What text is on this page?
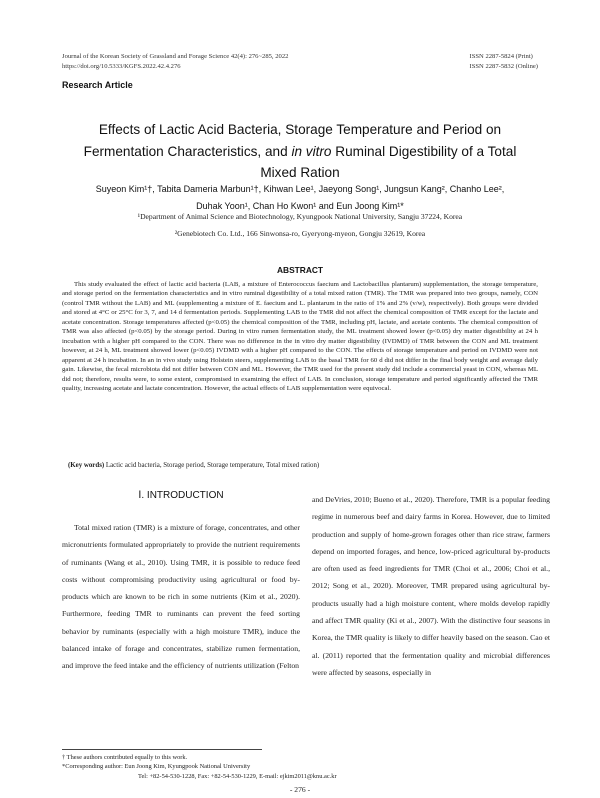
Journal of the Korean Society of Grassland and Forage Science 42(4): 276~285, 2022
https://doi.org/10.5333/KGFS.2022.42.4.276
ISSN 2287-5824 (Print)
ISSN 2287-5832 (Online)
Research Article
Effects of Lactic Acid Bacteria, Storage Temperature and Period on
Fermentation Characteristics, and in vitro Ruminal Digestibility of a Total
Mixed Ration
Suyeon Kim¹†, Tabita Dameria Marbun¹†, Kihwan Lee¹, Jaeyong Song¹, Jungsun Kang², Chanho Lee²,
Duhak Yoon¹, Chan Ho Kwon¹ and Eun Joong Kim¹*
¹Department of Animal Science and Biotechnology, Kyungpook National University, Sangju 37224, Korea
²Genebiotech Co. Ltd., 166 Sinwonsa-ro, Gyeryong-myeon, Gongju 32619, Korea
ABSTRACT

This study evaluated the effect of lactic acid bacteria (LAB, a mixture of Enterococcus faecium and Lactobacillus plantarum) supplementation, the storage temperature, and storage period on the fermentation characteristics and in vitro ruminal digestibility of a total mixed ration (TMR). The TMR was prepared into two groups, namely, CON (control TMR without the LAB) and ML (supplementing a mixture of E. faecium and L. plantarum in the ratio of 1% and 2% (v/w), respectively). Both groups were divided and stored at 4°C or 25°C for 3, 7, and 14 d fermentation periods. Supplementing LAB to the TMR did not affect the chemical composition of TMR except for the lactate and acetate concentration. Storage temperatures affected (p<0.05) the chemical composition of the TMR, including pH, lactate, and acetate contents. The chemical composition of TMR was also affected (p<0.05) by the storage period. During in vitro rumen fermentation study, the ML treatment showed lower (p<0.05) dry matter digestibility at 24 h incubation with a higher pH compared to the CON. There was no difference in the in vitro dry matter digestibility (IVDMD) of TMR between the CON and ML treatment however, at 24 h, ML treatment showed lower (p<0.05) IVDMD with a higher pH compared to the CON. The effects of storage temperature and period on IVDMD were not apparent at 24 h incubation. In an in vivo study using Holstein steers, supplementing LAB to the basal TMR for 60 d did not differ in the final body weight and average daily gain. Likewise, the fecal microbiota did not differ between CON and ML. However, the TMR used for the present study did include a commercial yeast in CON, whereas ML did not; therefore, results were, to some extent, compromised in examining the effect of LAB. In conclusion, storage temperature and period significantly affected the TMR quality, increasing acetate and lactate concentration. However, the actual effects of LAB supplementation were equivocal.

(Key words) Lactic acid bacteria, Storage period, Storage temperature, Total mixed ration)
Ⅰ. INTRODUCTION

Total mixed ration (TMR) is a mixture of forage, concentrates, and other micronutrients formulated appropriately to provide the nutrient requirements of ruminants (Wang et al., 2010). Using TMR, it is possible to reduce feed costs without compromising productivity using agricultural or food by-products which are known to be rich in some nutrients (Kim et al., 2020). Furthermore, feeding TMR to ruminants can prevent the feed sorting behavior by ruminants (especially with a high moisture TMR), induce the balanced intake of forage and concentrates, stabilize rumen fermentation, and improve the feed intake and the efficiency of nutrients utilization (Felton

and DeVries, 2010; Bueno et al., 2020). Therefore, TMR is a popular feeding regime in numerous beef and dairy farms in Korea. However, due to limited production and supply of home-grown forages other than rice straw, farmers depend on imported forages, and hence, low-priced agricultural by-products are often used as feed ingredients for TMR (Choi et al., 2006; Choi et al., 2012; Song et al., 2020). Moreover, TMR prepared using agricultural by-products usually had a high moisture content, where molds develop rapidly and affect TMR quality (Ki et al., 2007). With the distinctive four seasons in Korea, the TMR quality is likely to differ heavily based on the season. Cao et al. (2011) reported that the fermentation quality and microbial differences were affected by seasons, especially in

† These authors contributed equally to this work.
*Corresponding author: Eun Joong Kim, Kyungpook National University
Tel: +82-54-530-1228, Fax: +82-54-530-1229, E-mail: ejkim2011@knu.ac.kr
- 276 -
